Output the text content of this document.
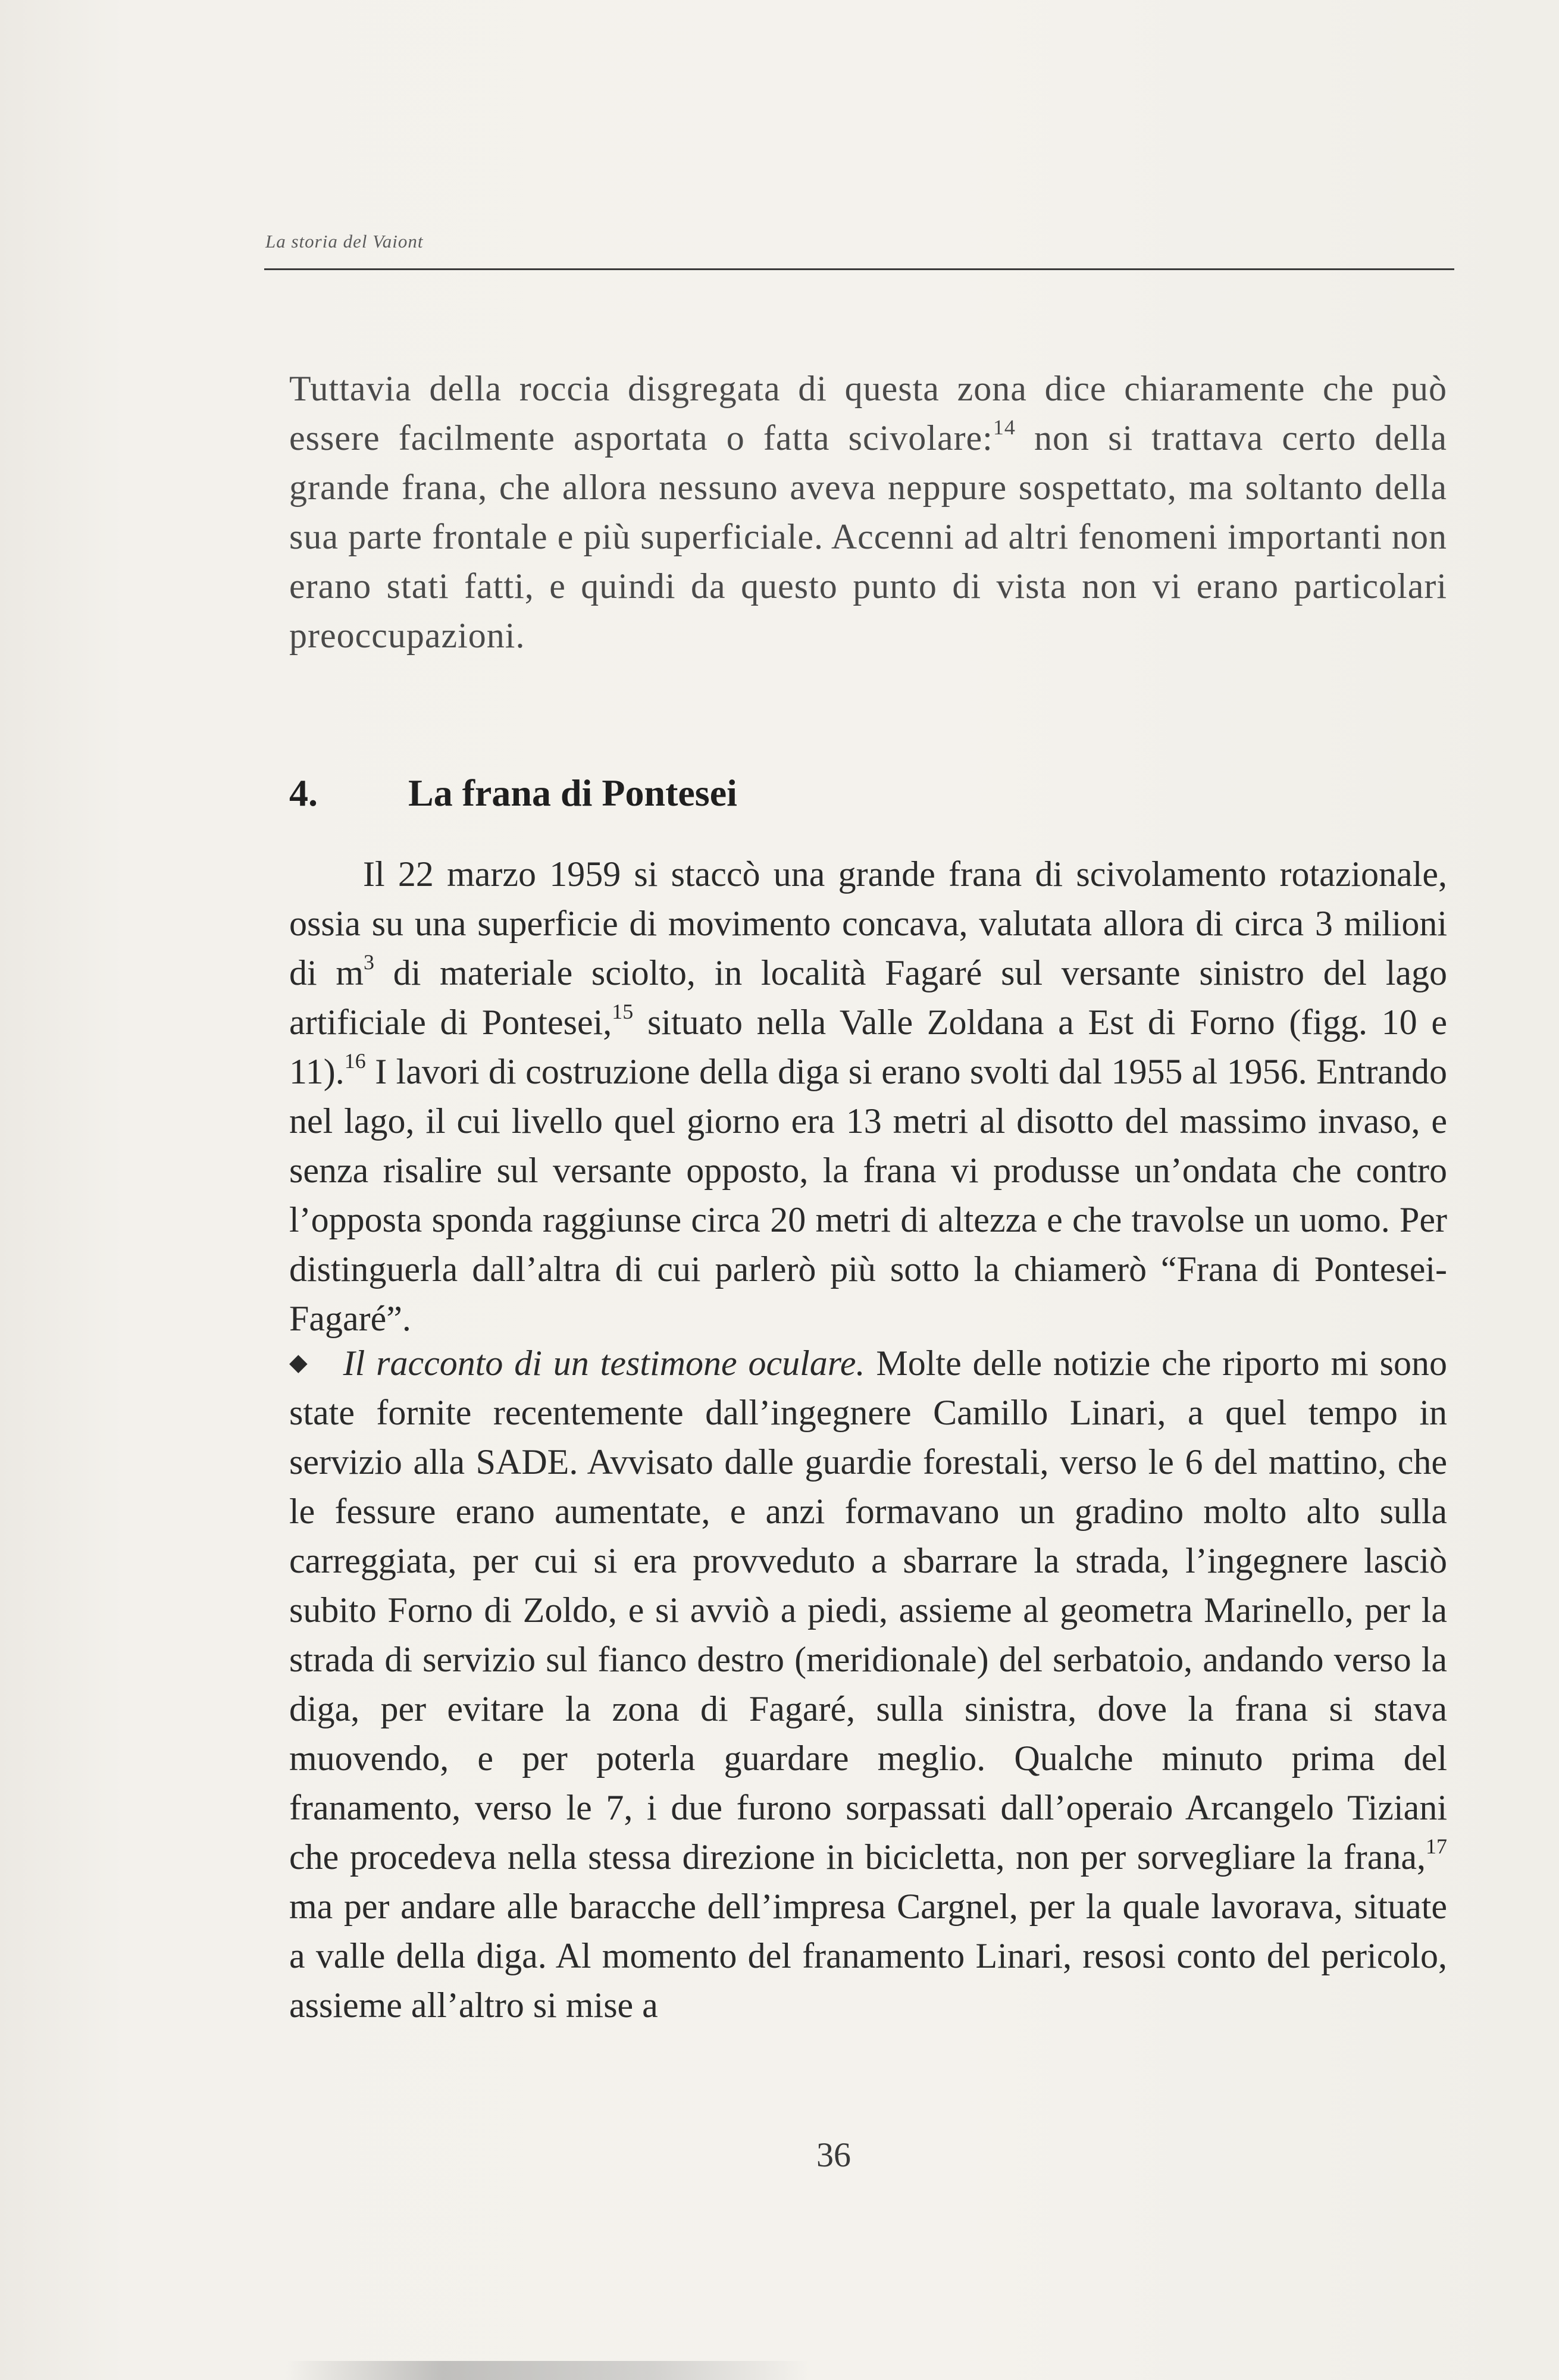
La storia del Vaiont

Tuttavia della roccia disgregata di questa zona dice chiaramente che può essere facilmente asportata o fatta scivolare:$^{14}$ non si trattava certo della grande frana, che allora nessuno aveva neppure sospettato, ma soltanto della sua parte frontale e più superficiale. Accenni ad altri fenomeni importanti non erano stati fatti, e quindi da questo punto di vista non vi erano particolari preoccupazioni.

4. La frana di Pontesei

Il 22 marzo 1959 si staccò una grande frana di scivolamento rotazionale, ossia su una superficie di movimento concava, valutata allora di circa 3 milioni di $m^3$ di materiale sciolto, in località Fagaré sul versante sinistro del lago artificiale di Pontesei,$^{15}$ situato nella Valle Zoldana a Est di Forno (figg. 10 e 11).$^{16}$ I lavori di costruzione della diga si erano svolti dal 1955 al 1956. Entrando nel lago, il cui livello quel giorno era 13 metri al disotto del massimo invaso, e senza risalire sul versante opposto, la frana vi produsse un’ondata che contro l’opposta sponda raggiunse circa 20 metri di altezza e che travolse un uomo. Per distinguerla dall’altra di cui parlerò più sotto la chiamerò “Frana di Pontesei-Fagaré”.

◆ Il racconto di un testimone oculare. Molte delle notizie che riporto mi sono state fornite recentemente dall’ingegnere Camillo Linari, a quel tempo in servizio alla SADE. Avvisato dalle guardie forestali, verso le 6 del mattino, che le fessure erano aumentate, e anzi formavano un gradino molto alto sulla carreggiata, per cui si era provveduto a sbarrare la strada, l’ingegnere lasciò subito Forno di Zoldo, e si avviò a piedi, assieme al geometra Marinello, per la strada di servizio sul fianco destro (meridionale) del serbatoio, andando verso la diga, per evitare la zona di Fagaré, sulla sinistra, dove la frana si stava muovendo, e per poterla guardare meglio. Qualche minuto prima del franamento, verso le 7, i due furono sorpassati dall’operaio Arcangelo Tiziani che procedeva nella stessa direzione in bicicletta, non per sorvegliare la frana,$^{17}$ ma per andare alle baracche dell’impresa Cargnel, per la quale lavorava, situate a valle della diga. Al momento del franamento Linari, resosi conto del pericolo, assieme all’altro si mise a

36
